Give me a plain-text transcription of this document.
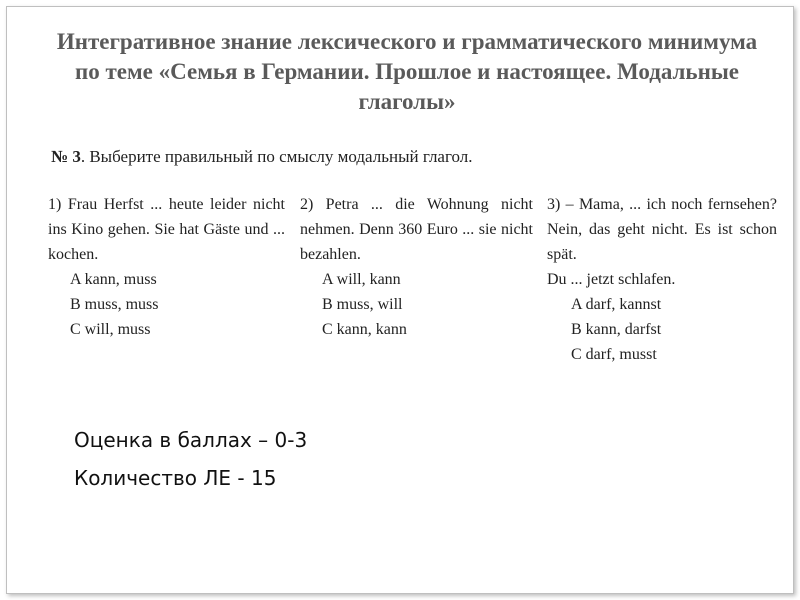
Интегративное знание лексического и грамматического минимума по теме «Семья в Германии. Прошлое и настоящее. Модальные глаголы»
№ 3. Выберите правильный по смыслу модальный глагол.
1) Frau Herfst ... heute leider nicht ins Kino gehen. Sie hat Gäste und ... kochen.
A kann, muss
B muss, muss
C will, muss
2) Petra ... die Wohnung nicht nehmen. Denn 360 Euro ... sie nicht bezahlen.
A will, kann
B muss, will
C kann, kann
3) – Mama, ... ich noch fernsehen? Nein, das geht nicht. Es ist schon spät.
Du ... jetzt schlafen.
A darf, kannst
B kann, darfst
C darf, musst
Оценка в баллах – 0-3
Количество ЛЕ - 15
